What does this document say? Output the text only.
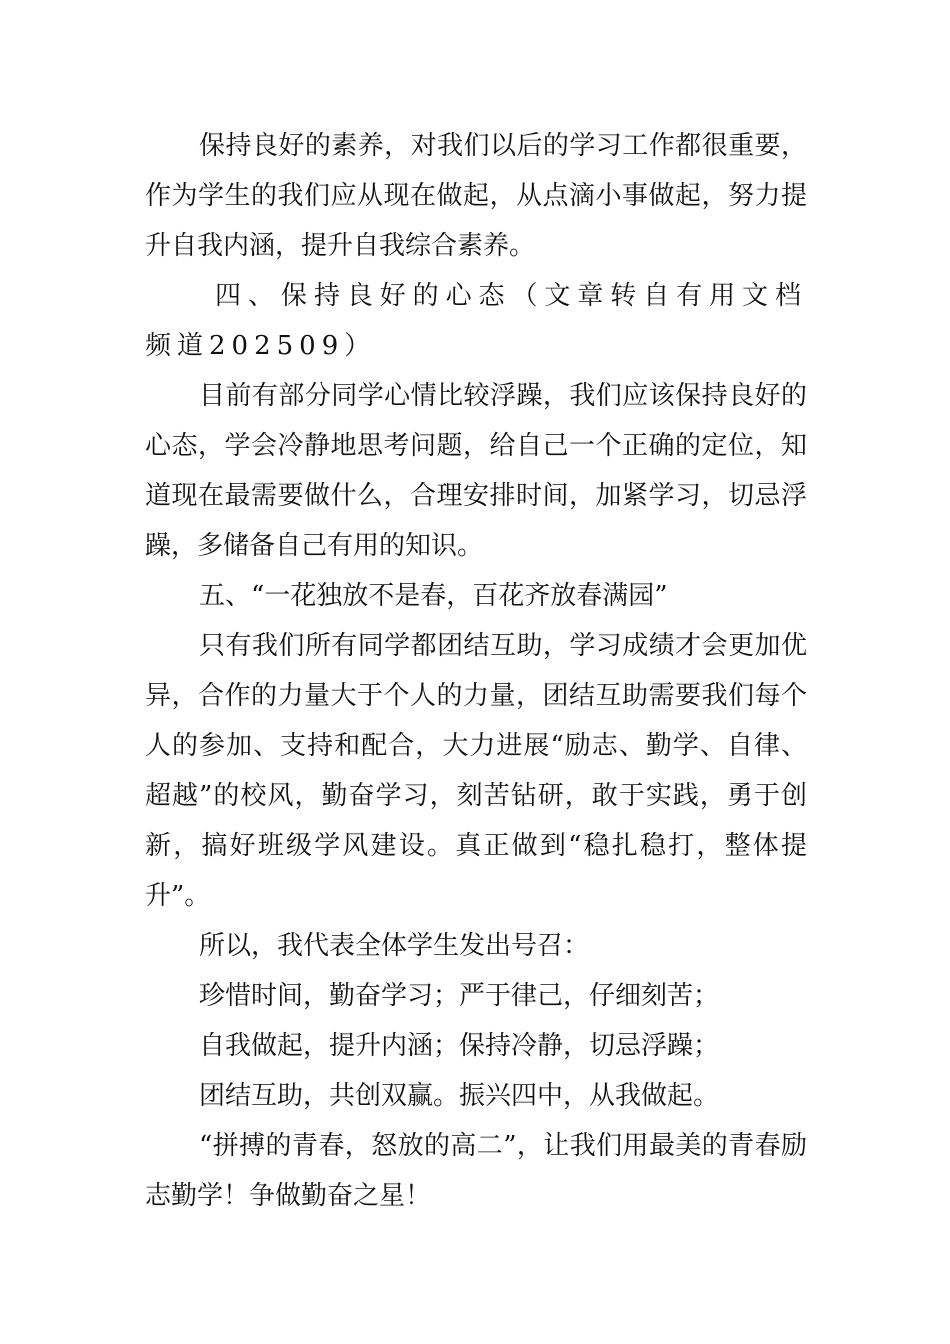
保持良好的素养，对我们以后的学习工作都很重要，作为学生的我们应从现在做起，从点滴小事做起，努力提升自我内涵，提升自我综合素养。

四、保持良好的心态（文章转自有用文档频道202509）

目前有部分同学心情比较浮躁，我们应该保持良好的心态，学会冷静地思考问题，给自己一个正确的定位，知道现在最需要做什么，合理安排时间，加紧学习，切忌浮躁，多储备自己有用的知识。

五、“一花独放不是春，百花齐放春满园”

只有我们所有同学都团结互助，学习成绩才会更加优异，合作的力量大于个人的力量，团结互助需要我们每个人的参加、支持和配合，大力进展“励志、勤学、自律、超越”的校风，勤奋学习，刻苦钻研，敢于实践，勇于创新，搞好班级学风建设。真正做到“稳扎稳打，整体提升”。

所以，我代表全体学生发出号召：

珍惜时间，勤奋学习；严于律己，仔细刻苦；

自我做起，提升内涵；保持冷静，切忌浮躁；

团结互助，共创双赢。振兴四中，从我做起。

“拼搏的青春，怒放的高二”，让我们用最美的青春励志勤学！争做勤奋之星！
